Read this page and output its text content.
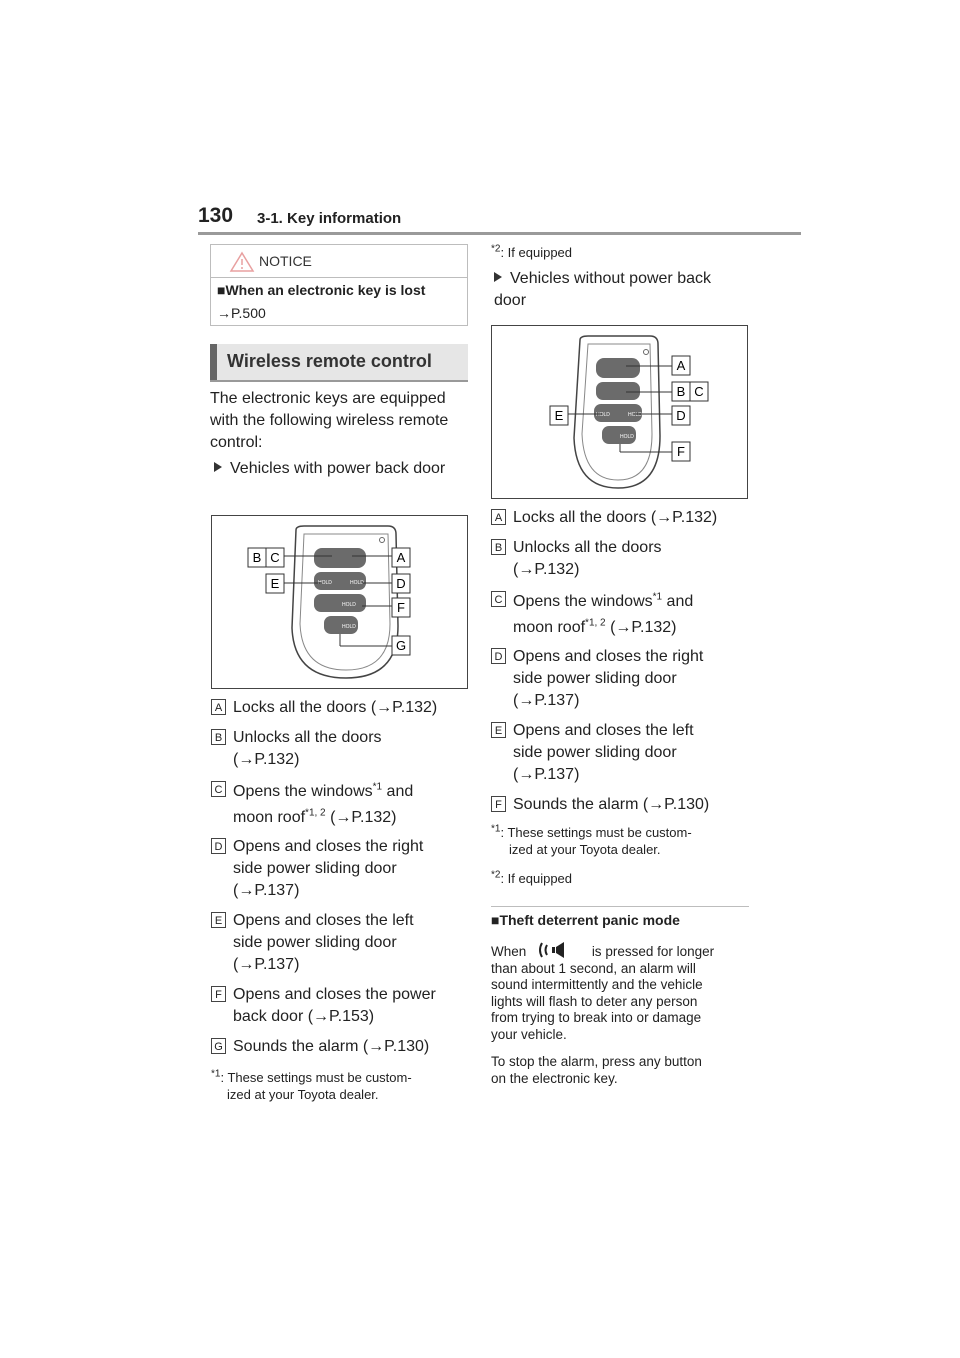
130 3-1. Key information
NOTICE
■When an electronic key is lost
→P.500
Wireless remote control
The electronic keys are equipped with the following wireless remote control:
Vehicles with power back door
HOLD	HOLD
HOLD
HOLD
B C
E
A
D
F
G
A Locks all the doors (→P.132)
B Unlocks all the doors
(→P.132)
C Opens the windows$^{*1}$ and
moon roof$^{*1, 2}$ (→P.132)
D Opens and closes the right
side power sliding door
(→P.137)
E Opens and closes the left
side power sliding door
(→P.137)
F Opens and closes the power
back door (→P.153)
G Sounds the alarm (→P.130)
$^{*1}$: These settings must be custom-
ized at your Toyota dealer.
$^{*2}$: If equipped
Vehicles without power back door
HOLD	HOLD
HOLD
A
B C
E	D
F
A Locks all the doors (→P.132)
B Unlocks all the doors
(→P.132)
C Opens the windows$^{*1}$ and
moon roof$^{*1, 2}$ (→P.132)
D Opens and closes the right
side power sliding door
(→P.137)
E Opens and closes the left
side power sliding door
(→P.137)
F Sounds the alarm (→P.130)
$^{*1}$: These settings must be custom-
ized at your Toyota dealer.
$^{*2}$: If equipped
■Theft deterrent panic mode
When	is pressed for longer
than about 1 second, an alarm will
sound intermittently and the vehicle
lights will flash to deter any person
from trying to break into or damage
your vehicle.
To stop the alarm, press any button
on the electronic key.
